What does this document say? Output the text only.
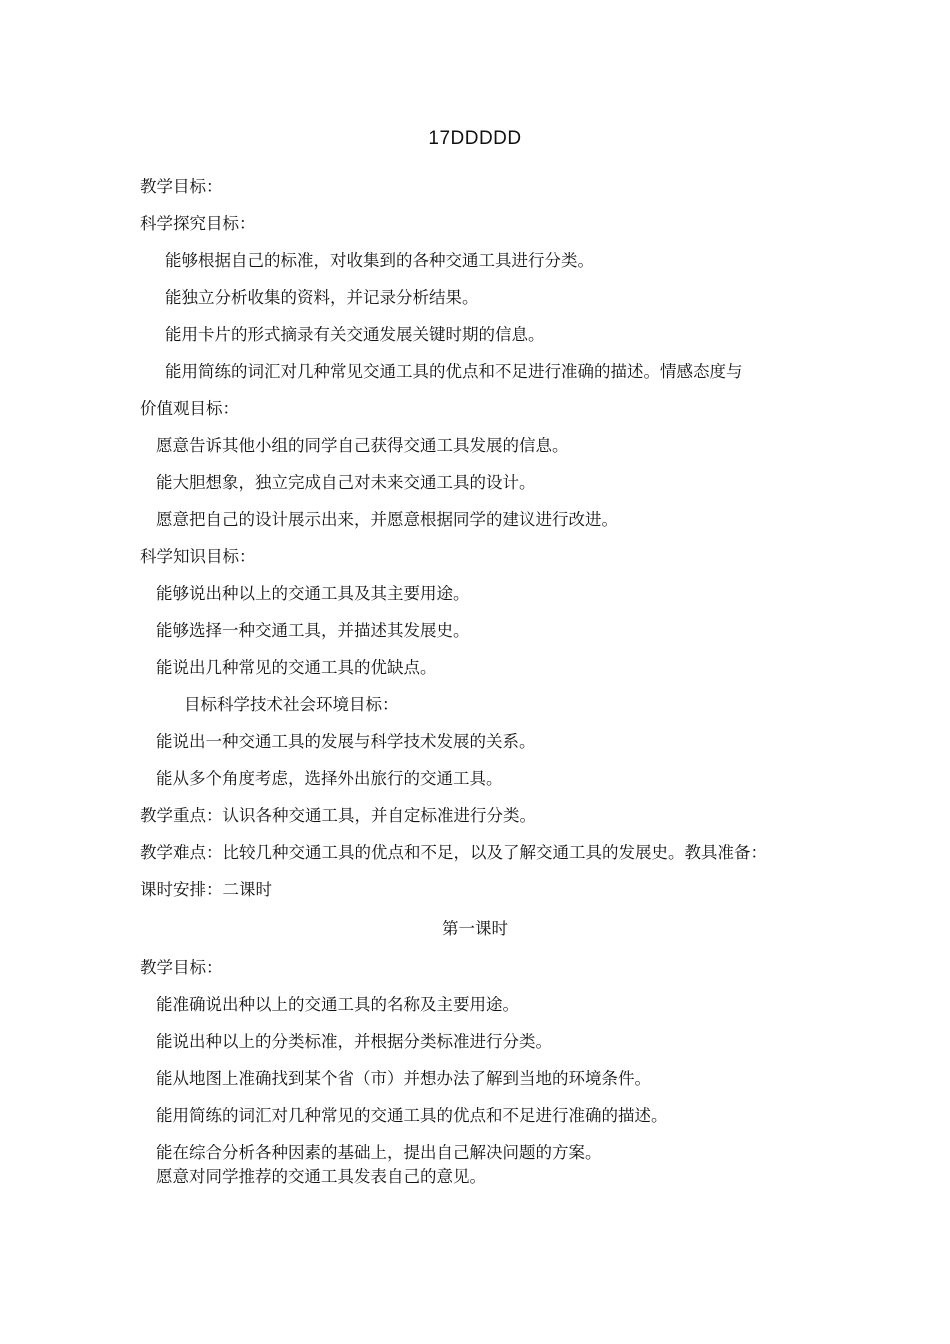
17DDDDD
教学目标：
科学探究目标：
能够根据自己的标准，对收集到的各种交通工具进行分类。
能独立分析收集的资料，并记录分析结果。
能用卡片的形式摘录有关交通发展关键时期的信息。
能用简练的词汇对几种常见交通工具的优点和不足进行准确的描述。情感态度与
价值观目标：
愿意告诉其他小组的同学自己获得交通工具发展的信息。
能大胆想象，独立完成自己对未来交通工具的设计。
愿意把自己的设计展示出来，并愿意根据同学的建议进行改进。
科学知识目标：
能够说出种以上的交通工具及其主要用途。
能够选择一种交通工具，并描述其发展史。
能说出几种常见的交通工具的优缺点。
目标科学技术社会环境目标：
能说出一种交通工具的发展与科学技术发展的关系。
能从多个角度考虑，选择外出旅行的交通工具。
教学重点：认识各种交通工具，并自定标准进行分类。
教学难点：比较几种交通工具的优点和不足，以及了解交通工具的发展史。教具准备：
课时安排：二课时
第一课时
教学目标：
能准确说出种以上的交通工具的名称及主要用途。
能说出种以上的分类标准，并根据分类标准进行分类。
能从地图上准确找到某个省（市）并想办法了解到当地的环境条件。
能用简练的词汇对几种常见的交通工具的优点和不足进行准确的描述。
能在综合分析各种因素的基础上，提出自己解决问题的方案。
愿意对同学推荐的交通工具发表自己的意见。
